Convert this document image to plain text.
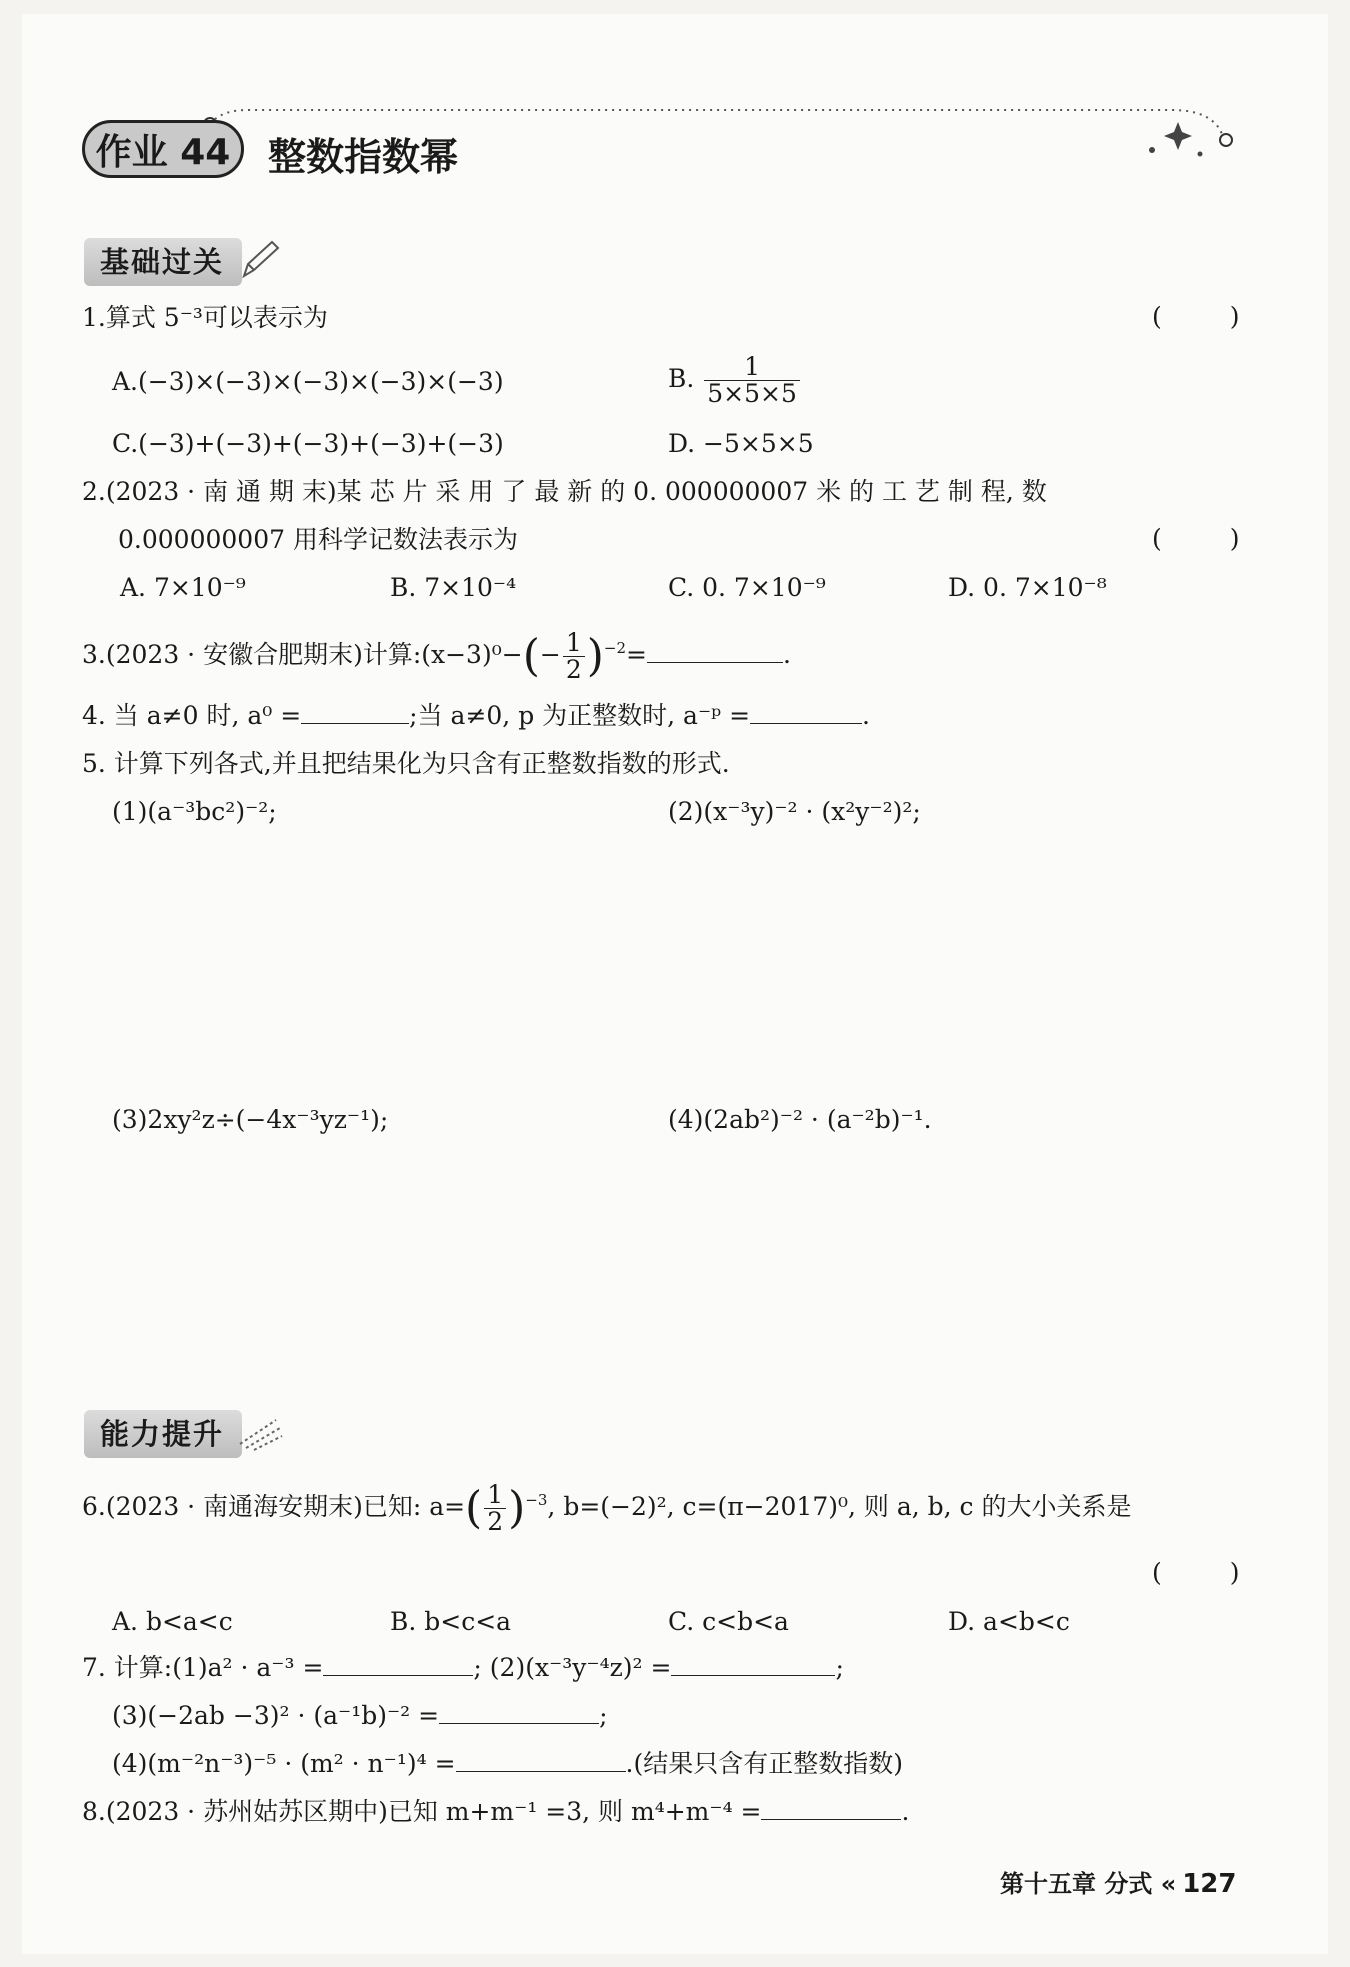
作业 44 整数指数幂
基础过关
1.算式 5⁻³可以表示为	( )
A.(−3)×(−3)×(−3)×(−3)×(−3)	B. $\frac{1}{5\times 5\times 5}$
C.(−3)+(−3)+(−3)+(−3)+(−3)	D. −5×5×5
2.(2023 · 南 通 期 末)某 芯 片 采 用 了 最 新 的 0. 000000007 米 的 工 艺 制 程, 数
0.000000007 用科学记数法表示为	( )
A. 7×10⁻⁹	B. 7×10⁻⁴	C. 0. 7×10⁻⁹	D. 0. 7×10⁻⁸
3.(2023 · 安徽合肥期末)计算:(x−3)⁰−(− $\frac{1}{2} )^{-2}=$	.
4. 当 a≠0 时, a⁰ =	;当 a≠0, p 为正整数时, a⁻ᵖ =	.
5. 计算下列各式,并且把结果化为只含有正整数指数的形式.
(1)(a⁻³bc²)⁻²;	(2)(x⁻³y)⁻² · (x²y⁻²)²;
(3)2xy²z÷(−4x⁻³yz⁻¹);	(4)(2ab²)⁻² · (a⁻²b)⁻¹.
能力提升
6.(2023 · 南通海安期末)已知: $a=( \frac{1}{2} )^{-3}$, b=(−2)², c=(π−2017)⁰, 则 a, b, c 的大小关系是
( )
A. b<a<c	B. b<c<a	C. c<b<a	D. a<b<c
7. 计算:(1)a² · a⁻³ =	; (2)(x⁻³y⁻⁴z)² =	;
(3)(−2ab −3)² · (a⁻¹b)⁻² =	;
(4)(m⁻²n⁻³)⁻⁵ · (m² · n⁻¹)⁴ =	.(结果只含有正整数指数)
8.(2023 · 苏州姑苏区期中)已知 m+m⁻¹ =3, 则 m⁴+m⁻⁴ =	.
第十五章 分式 « 127
